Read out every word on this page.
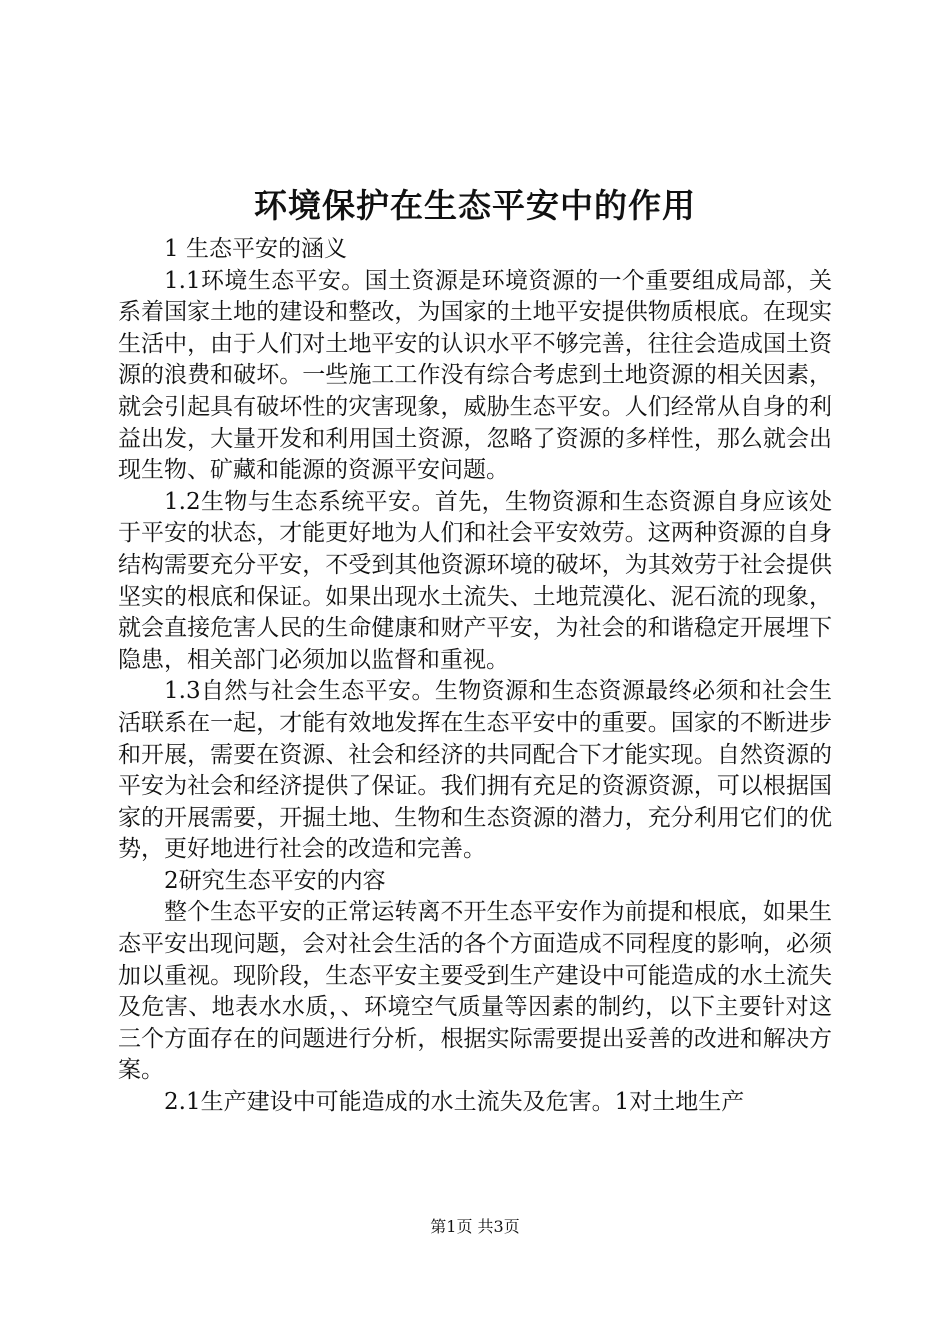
环境保护在生态平安中的作用

1 生态平安的涵义

1.1环境生态平安。国土资源是环境资源的一个重要组成局部，关系着国家土地的建设和整改，为国家的土地平安提供物质根底。在现实生活中，由于人们对土地平安的认识水平不够完善，往往会造成国土资源的浪费和破坏。一些施工工作没有综合考虑到土地资源的相关因素，就会引起具有破坏性的灾害现象，威胁生态平安。人们经常从自身的利益出发，大量开发和利用国土资源，忽略了资源的多样性，那么就会出现生物、矿藏和能源的资源平安问题。

1.2生物与生态系统平安。首先，生物资源和生态资源自身应该处于平安的状态，才能更好地为人们和社会平安效劳。这两种资源的自身结构需要充分平安，不受到其他资源环境的破坏，为其效劳于社会提供坚实的根底和保证。如果出现水土流失、土地荒漠化、泥石流的现象，就会直接危害人民的生命健康和财产平安，为社会的和谐稳定开展埋下隐患，相关部门必须加以监督和重视。

1.3自然与社会生态平安。生物资源和生态资源最终必须和社会生活联系在一起，才能有效地发挥在生态平安中的重要。国家的不断进步和开展，需要在资源、社会和经济的共同配合下才能实现。自然资源的平安为社会和经济提供了保证。我们拥有充足的资源资源，可以根据国家的开展需要，开掘土地、生物和生态资源的潜力，充分利用它们的优势，更好地进行社会的改造和完善。

2研究生态平安的内容

整个生态平安的正常运转离不开生态平安作为前提和根底，如果生态平安出现问题，会对社会生活的各个方面造成不同程度的影响，必须加以重视。现阶段，生态平安主要受到生产建设中可能造成的水土流失及危害、地表水水质，、环境空气质量等因素的制约，以下主要针对这三个方面存在的问题进行分析，根据实际需要提出妥善的改进和解决方案。

2.1生产建设中可能造成的水土流失及危害。1对土地生产

第1页 共3页
